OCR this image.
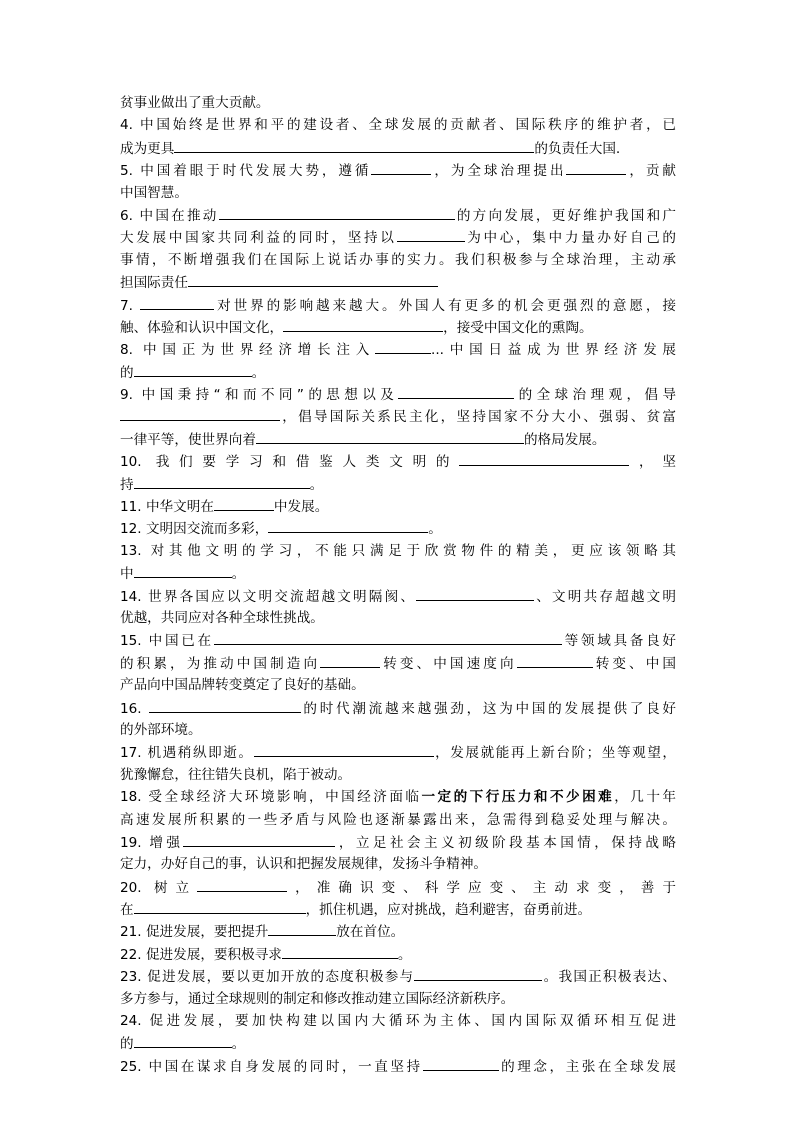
贫事业做出了重大贡献。
4. 中国始终是世界和平的建设者、全球发展的贡献者、国际秩序的维护者，已
成为更具	的负责任大国.
5. 中国着眼于时代发展大势，遵循	，为全球治理提出	，贡献
中国智慧。
6. 中国在推动	的方向发展，更好维护我国和广
大发展中国家共同利益的同时，坚持以	为中心，集中力量办好自己的
事情，不断增强我们在国际上说话办事的实力。我们积极参与全球治理，主动承
担国际责任
7.	对世界的影响越来越大。外国人有更多的机会更强烈的意愿，接
触、体验和认识中国文化，	，接受中国文化的熏陶。
8. 中国正为世界经济增长注入	...中国日益成为世界经济发展
的	。
9. 中国秉持“和而不同”的思想以及	的全球治理观，倡导
，倡导国际关系民主化，坚持国家不分大小、强弱、贫富
一律平等，使世界向着	的格局发展。
10. 我们要学习和借鉴人类文明的	，坚
持	。
11. 中华文明在	中发展。
12. 文明因交流而多彩，	。
13. 对其他文明的学习，不能只满足于欣赏物件的精美，更应该领略其
中	。
14. 世界各国应以文明交流超越文明隔阂、	、文明共存超越文明
优越，共同应对各种全球性挑战。
15. 中国已在	等领域具备良好
的积累，为推动中国制造向	转变、中国速度向	转变、中国
产品向中国品牌转变奠定了良好的基础。
16.	的时代潮流越来越强劲，这为中国的发展提供了良好
的外部环境。
17. 机遇稍纵即逝。	，发展就能再上新台阶；坐等观望，
犹豫懈怠，往往错失良机，陷于被动。
18. 受全球经济大环境影响，中国经济面临一定的下行压力和不少困难，几十年
高速发展所积累的一些矛盾与风险也逐渐暴露出来，急需得到稳妥处理与解决。
19. 增强	，立足社会主义初级阶段基本国情，保持战略
定力，办好自己的事，认识和把握发展规律，发扬斗争精神。
20. 树立	，准确识变、科学应变、主动求变，善于
在	，抓住机遇，应对挑战，趋利避害，奋勇前进。
21. 促进发展，要把提升	放在首位。
22. 促进发展，要积极寻求	。
23. 促进发展，要以更加开放的态度积极参与	。我国正积极表达、
多方参与，通过全球规则的制定和修改推动建立国际经济新秩序。
24. 促进发展，要加快构建以国内大循环为主体、国内国际双循环相互促进
的	。
25. 中国在谋求自身发展的同时，一直坚持	的理念，主张在全球发展
